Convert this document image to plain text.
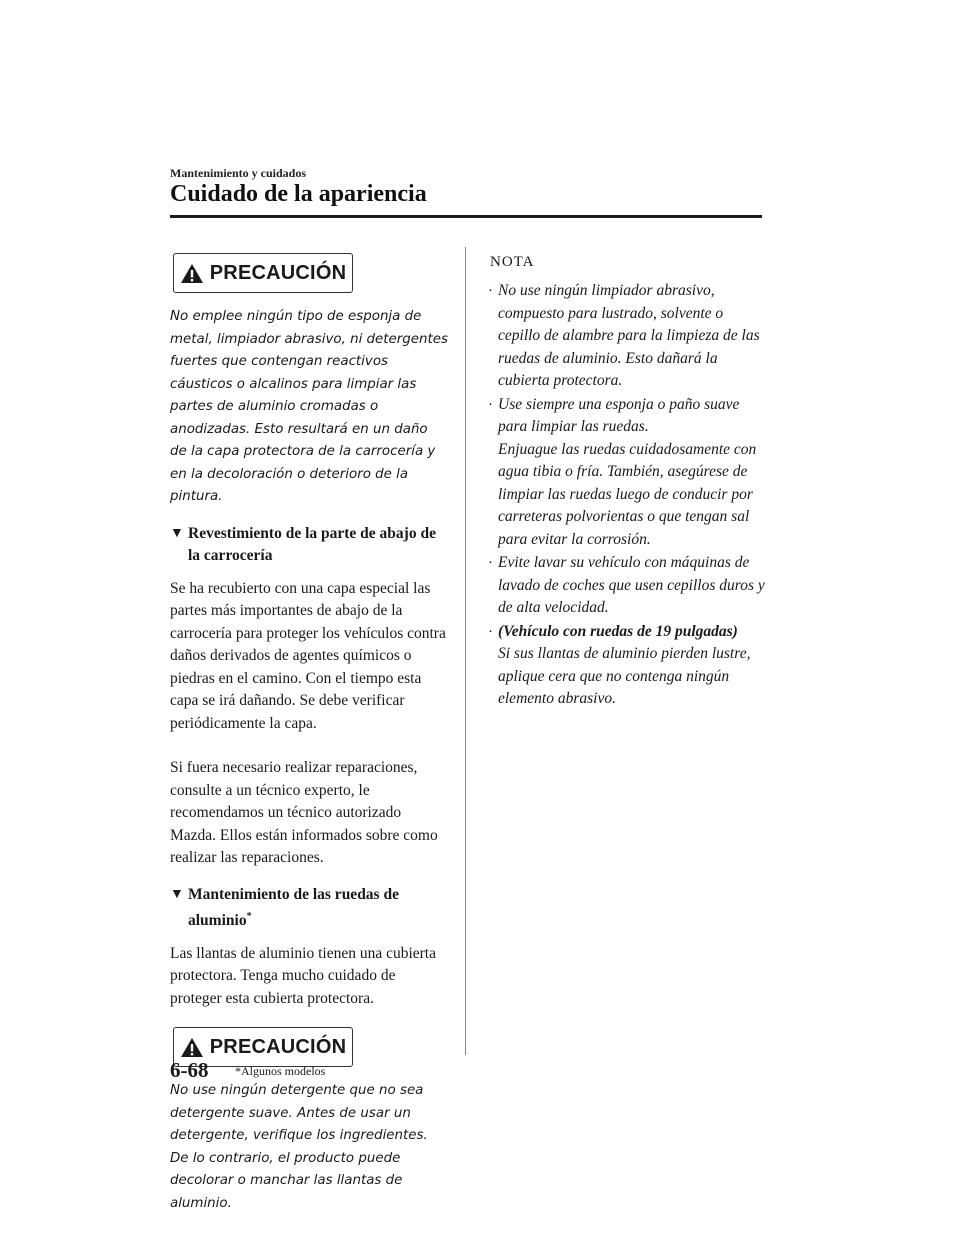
Mantenimiento y cuidados
Cuidado de la apariencia
PRECAUCIÓN

No emplee ningún tipo de esponja de metal, limpiador abrasivo, ni detergentes fuertes que contengan reactivos cáusticos o alcalinos para limpiar las partes de aluminio cromadas o anodizadas. Esto resultará en un daño de la capa protectora de la carrocería y en la decoloración o deterioro de la pintura.

▼ Revestimiento de la parte de abajo de la carrocería

Se ha recubierto con una capa especial las partes más importantes de abajo de la carrocería para proteger los vehículos contra daños derivados de agentes químicos o piedras en el camino. Con el tiempo esta capa se irá dañando. Se debe verificar periódicamente la capa.

Si fuera necesario realizar reparaciones, consulte a un técnico experto, le recomendamos un técnico autorizado Mazda. Ellos están informados sobre como realizar las reparaciones.

▼ Mantenimiento de las ruedas de aluminio*

Las llantas de aluminio tienen una cubierta protectora. Tenga mucho cuidado de proteger esta cubierta protectora.

PRECAUCIÓN

No use ningún detergente que no sea detergente suave. Antes de usar un detergente, verifique los ingredientes. De lo contrario, el producto puede decolorar o manchar las llantas de aluminio.

NOTA
· No use ningún limpiador abrasivo, compuesto para lustrado, solvente o cepillo de alambre para la limpieza de las ruedas de aluminio. Esto dañará la cubierta protectora.
· Use siempre una esponja o paño suave para limpiar las ruedas.
Enjuague las ruedas cuidadosamente con agua tibia o fría. También, asegúrese de limpiar las ruedas luego de conducir por carreteras polvorientas o que tengan sal para evitar la corrosión.
· Evite lavar su vehículo con máquinas de lavado de coches que usen cepillos duros y de alta velocidad.
· (Vehículo con ruedas de 19 pulgadas)
Si sus llantas de aluminio pierden lustre, aplique cera que no contenga ningún elemento abrasivo.
6-68 *Algunos modelos
